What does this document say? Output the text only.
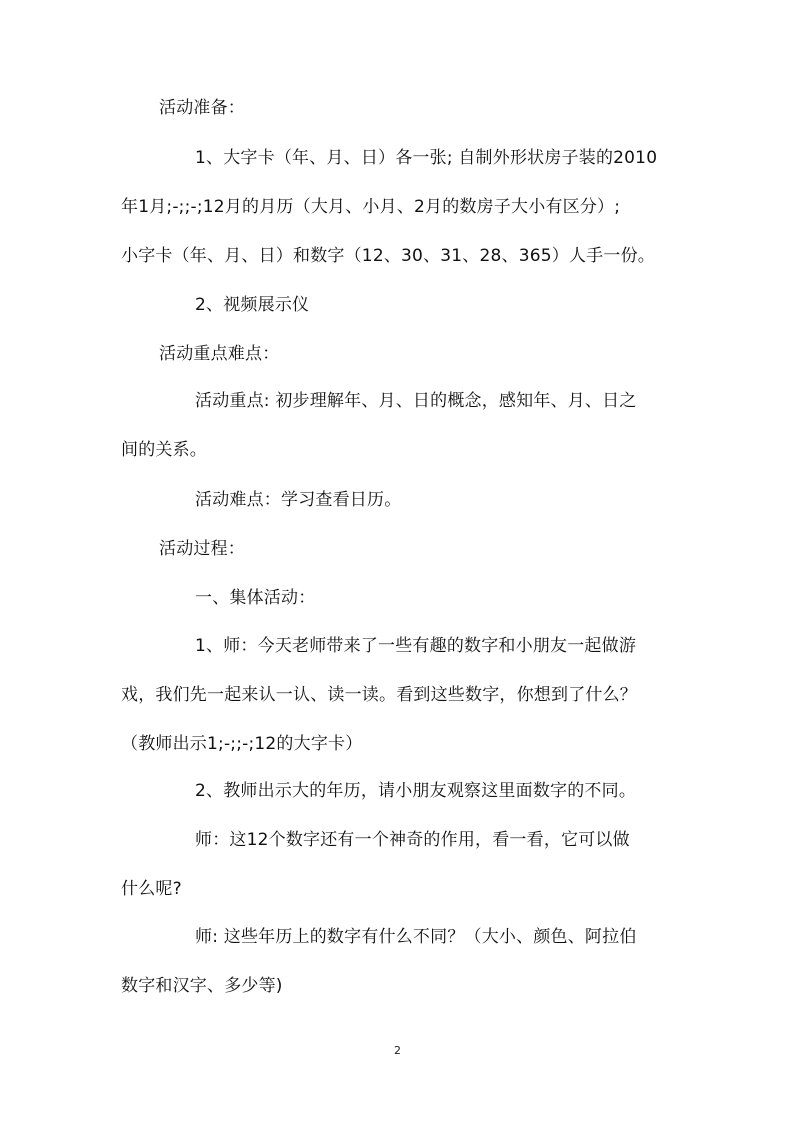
活动准备：
1、大字卡（年、月、日）各一张; 自制外形状房子装的2010
年1月;-;;-;12月的月历（大月、小月、2月的数房子大小有区分）;
小字卡（年、月、日）和数字（12、30、31、28、365）人手一份。
2、视频展示仪
活动重点难点：
活动重点: 初步理解年、月、日的概念，感知年、月、日之
间的关系。
活动难点：学习查看日历。
活动过程：
一、集体活动：
1、师：今天老师带来了一些有趣的数字和小朋友一起做游
戏，我们先一起来认一认、读一读。看到这些数字，你想到了什么？
（教师出示1;-;;-;12的大字卡）
2、教师出示大的年历，请小朋友观察这里面数字的不同。
师：这12个数字还有一个神奇的作用，看一看，它可以做
什么呢?
师: 这些年历上的数字有什么不同？（大小、颜色、阿拉伯
数字和汉字、多少等)
2
